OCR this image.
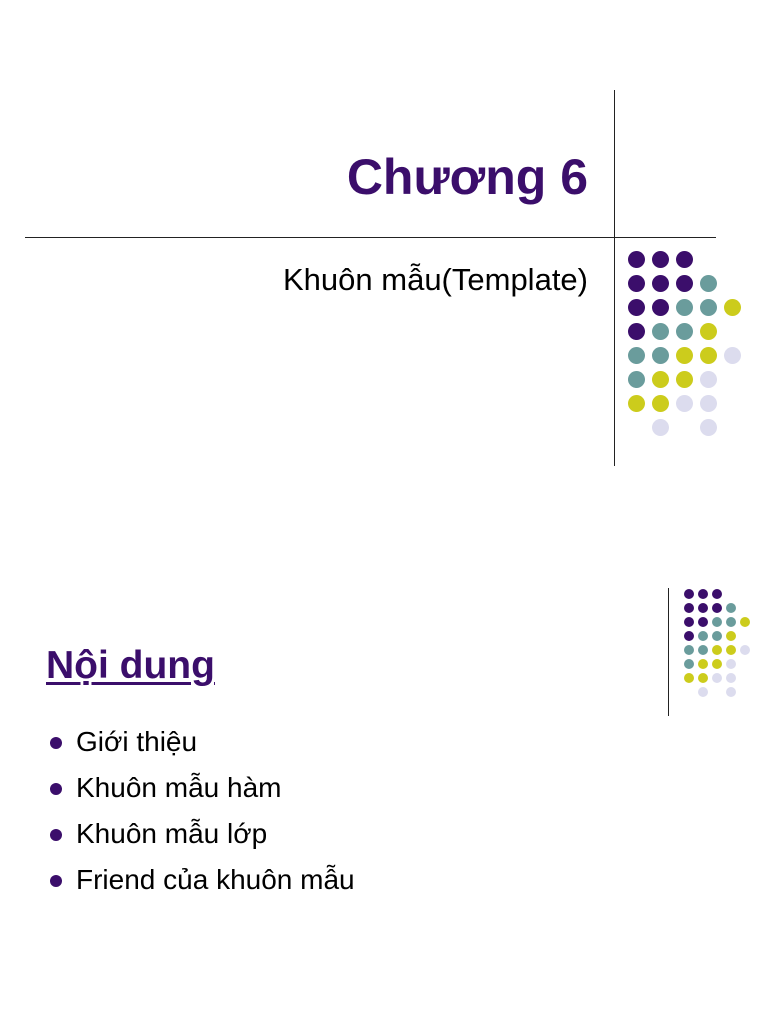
Chương 6
Khuôn mẫu(Template)
Nội dung
Giới thiệu
Khuôn mẫu hàm
Khuôn mẫu lớp
Friend của khuôn mẫu
